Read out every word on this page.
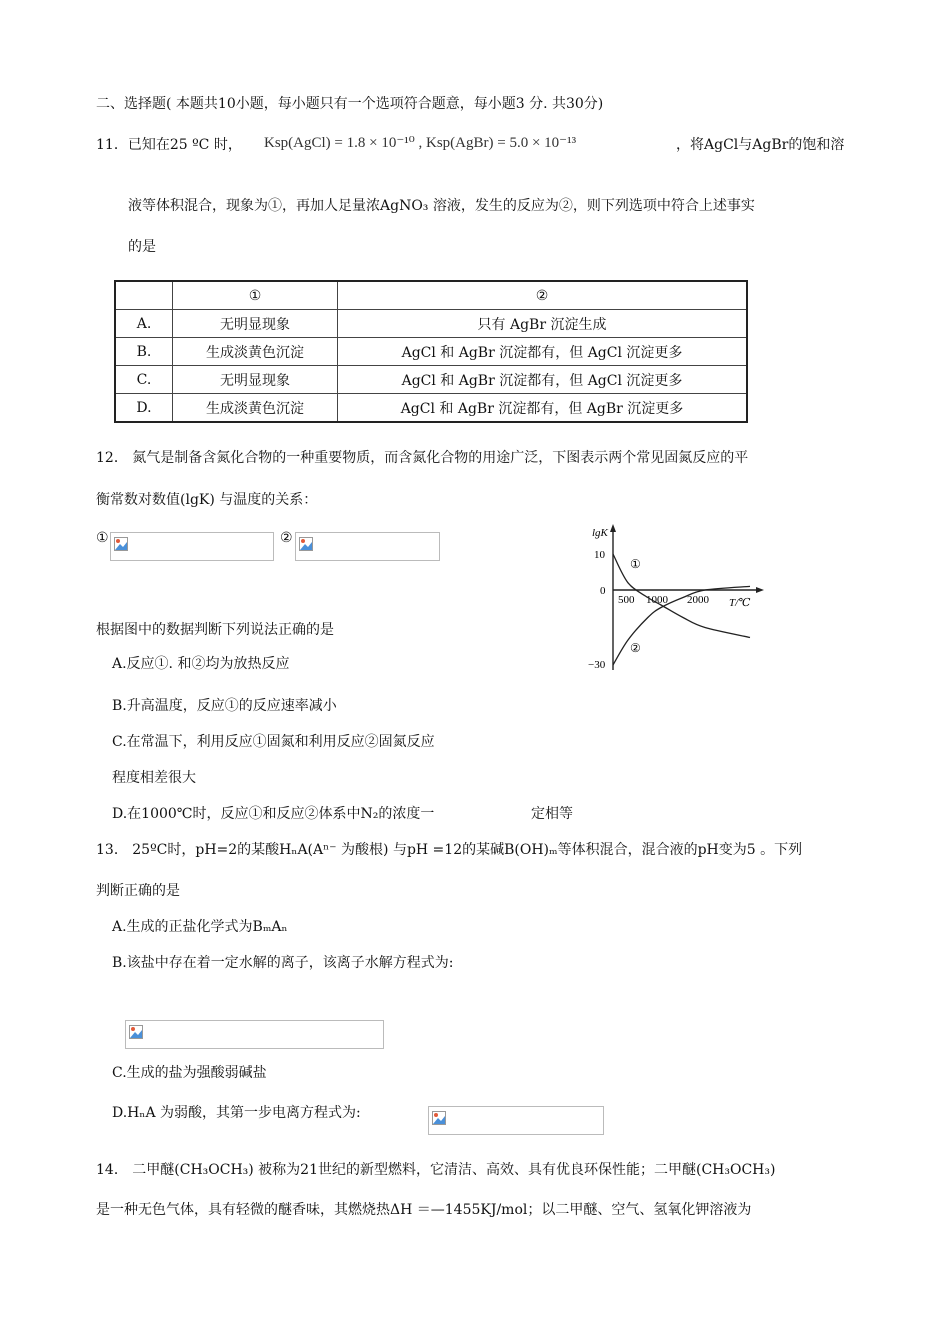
二、选择题( 本题共10小题，每小题只有一个选项符合题意，每小题3 分. 共30分)
11．已知在25 ºC 时， Ksp(AgCl) = 1.8 × 10⁻¹⁰ , Ksp(AgBr) = 5.0 × 10⁻¹³	，将AgCl与AgBr的饱和溶
液等体积混合，现象为①，再加人足量浓AgNO₃ 溶液，发生的反应为②，则下列选项中符合上述事实
的是
	①	②
A.	无明显现象	只有 AgBr 沉淀生成
B.	生成淡黄色沉淀	AgCl 和 AgBr 沉淀都有，但 AgCl 沉淀更多
C.	无明显现象	AgCl 和 AgBr 沉淀都有，但 AgCl 沉淀更多
D.	生成淡黄色沉淀	AgCl 和 AgBr 沉淀都有，但 AgBr 沉淀更多
12． 氮气是制备含氮化合物的一种重要物质，而含氮化合物的用途广泛，下图表示两个常见固氮反应的平
衡常数对数值(lgK) 与温度的关系：
①	②	lgK
T/℃
10
0
−30
500 1000 2000
①
②
根据图中的数据判断下列说法正确的是
A.反应①. 和②均为放热反应
B.升高温度，反应①的反应速率减小
C.在常温下，利用反应①固氮和利用反应②固氮反应
程度相差很大
D.在1000℃时，反应①和反应②体系中N₂的浓度一	定相等
13． 25ºC时，pH=2的某酸HₙA(Aⁿ⁻ 为酸根) 与pH =12的某碱B(OH)ₘ等体积混合，混合液的pH变为5 。下列
判断正确的是
A.生成的正盐化学式为BₘAₙ
B.该盐中存在着一定水解的离子，该离子水解方程式为:
C.生成的盐为强酸弱碱盐
D.HₙA 为弱酸，其第一步电离方程式为:
14． 二甲醚(CH₃OCH₃) 被称为21世纪的新型燃料，它清洁、高效、具有优良环保性能；二甲醚(CH₃OCH₃)
是一种无色气体，具有轻微的醚香味，其燃烧热ΔH ＝—1455KJ/mol；以二甲醚、空气、氢氧化钾溶液为
